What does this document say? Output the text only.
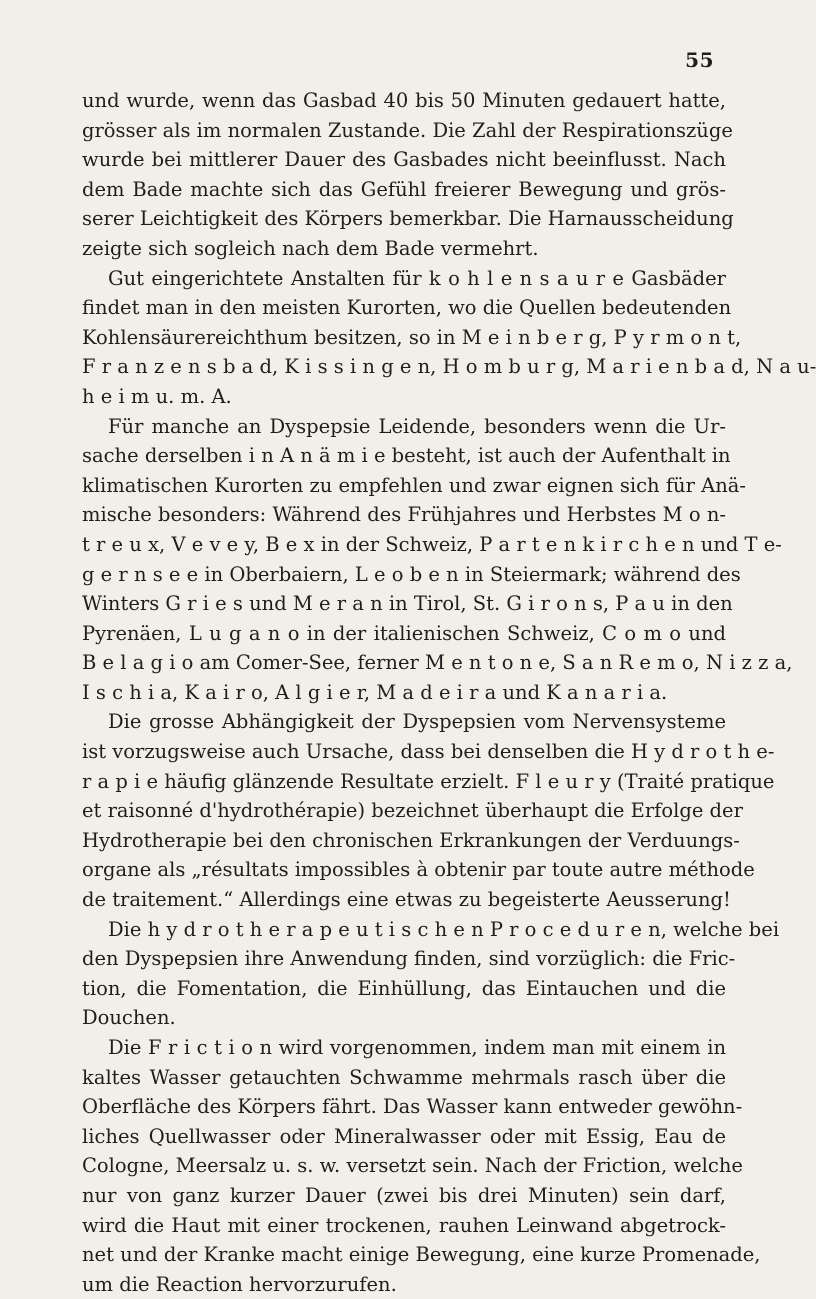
55
und wurde, wenn das Gasbad 40 bis 50 Minuten gedauert hatte,
grösser als im normalen Zustande. Die Zahl der Respirationszüge
wurde bei mittlerer Dauer des Gasbades nicht beeinflusst. Nach
dem Bade machte sich das Gefühl freierer Bewegung und grös-
serer Leichtigkeit des Körpers bemerkbar. Die Harnausscheidung
zeigte sich sogleich nach dem Bade vermehrt.
Gut eingerichtete Anstalten für k o h l e n s a u r e Gasbäder
findet man in den meisten Kurorten, wo die Quellen bedeutenden
Kohlensäurereichthum besitzen, so in M e i n b e r g, P y r m o n t,
F r a n z e n s b a d, K i s s i n g e n, H o m b u r g, M a r i e n b a d, N a u-
h e i m u. m. A.
Für manche an Dyspepsie Leidende, besonders wenn die Ur-
sache derselben i n A n ä m i e besteht, ist auch der Aufenthalt in
klimatischen Kurorten zu empfehlen und zwar eignen sich für Anä-
mische besonders: Während des Frühjahres und Herbstes M o n-
t r e u x, V e v e y, B e x in der Schweiz, P a r t e n k i r c h e n und T e-
g e r n s e e in Oberbaiern, L e o b e n in Steiermark; während des
Winters G r i e s und M e r a n in Tirol, St. G i r o n s, P a u in den
Pyrenäen, L u g a n o in der italienischen Schweiz, C o m o und
B e l a g i o am Comer-See, ferner M e n t o n e, S a n R e m o, N i z z a,
I s c h i a, K a i r o, A l g i e r, M a d e i r a und K a n a r i a.
Die grosse Abhängigkeit der Dyspepsien vom Nervensysteme
ist vorzugsweise auch Ursache, dass bei denselben die H y d r o t h e-
r a p i e häufig glänzende Resultate erzielt. F l e u r y (Traité pratique
et raisonné d'hydrothérapie) bezeichnet überhaupt die Erfolge der
Hydrotherapie bei den chronischen Erkrankungen der Verduungs-
organe als „résultats impossibles à obtenir par toute autre méthode
de traitement.“ Allerdings eine etwas zu begeisterte Aeusserung!
Die h y d r o t h e r a p e u t i s c h e n P r o c e d u r e n, welche bei
den Dyspepsien ihre Anwendung finden, sind vorzüglich: die Fric-
tion, die Fomentation, die Einhüllung, das Eintauchen und die
Douchen.
Die F r i c t i o n wird vorgenommen, indem man mit einem in
kaltes Wasser getauchten Schwamme mehrmals rasch über die
Oberfläche des Körpers fährt. Das Wasser kann entweder gewöhn-
liches Quellwasser oder Mineralwasser oder mit Essig, Eau de
Cologne, Meersalz u. s. w. versetzt sein. Nach der Friction, welche
nur von ganz kurzer Dauer (zwei bis drei Minuten) sein darf,
wird die Haut mit einer trockenen, rauhen Leinwand abgetrock-
net und der Kranke macht einige Bewegung, eine kurze Promenade,
um die Reaction hervorzurufen.
